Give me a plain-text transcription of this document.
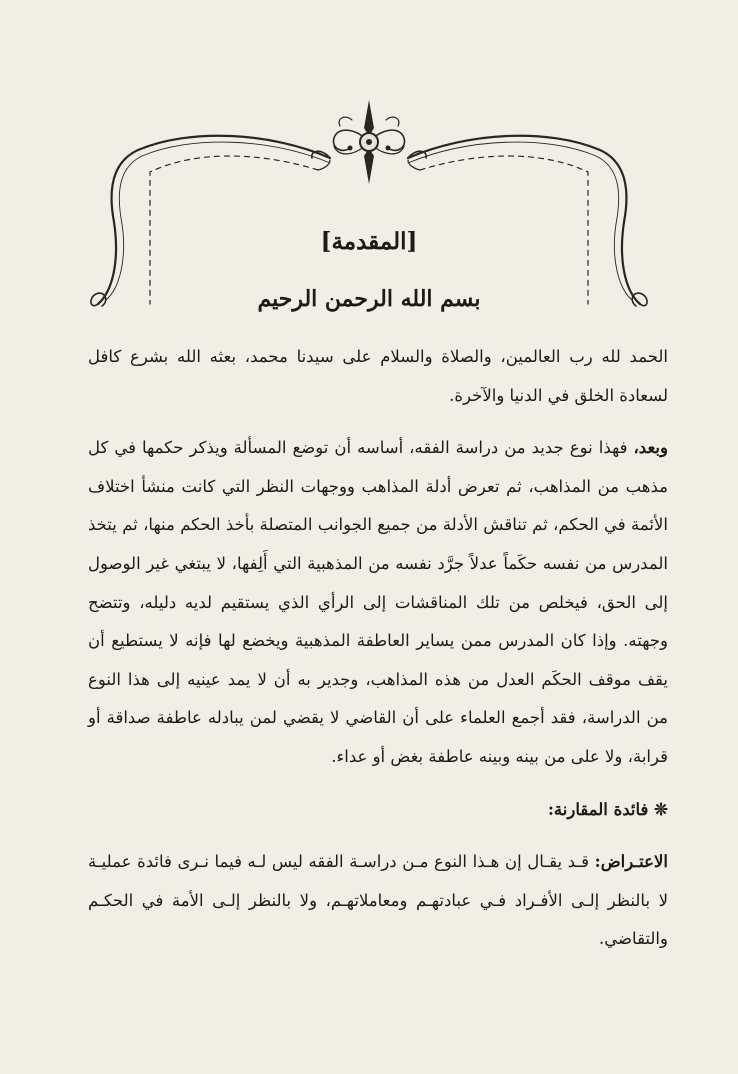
[المقدمة]
بسم الله الرحمن الرحيم

الحمد لله رب العالمين، والصلاة والسلام على سيدنا محمد، بعثه الله بشرع كافل لسعادة الخلق في الدنيا والآخرة.

وبعد، فهذا نوع جديد من دراسة الفقه، أساسه أن توضع المسألة ويذكر حكمها في كل مذهب من المذاهب، ثم تعرض أدلة المذاهب ووجهات النظر التي كانت منشأ اختلاف الأئمة في الحكم، ثم تناقش الأدلة من جميع الجوانب المتصلة بأخذ الحكم منها، ثم يتخذ المدرس من نفسه حكَماً عدلاً جرَّد نفسه من المذهبية التي أَلِفها، لا يبتغي غير الوصول إلى الحق، فيخلص من تلك المناقشات إلى الرأي الذي يستقيم لديه دليله، وتتضح وجهته. وإذا كان المدرس ممن يساير العاطفة المذهبية ويخضع لها فإنه لا يستطيع أن يقف موقف الحكَم العدل من هذه المذاهب، وجدير به أن لا يمد عينيه إلى هذا النوع من الدراسة، فقد أجمع العلماء على أن القاضي لا يقضي لمن يبادله عاطفة صداقة أو قرابة، ولا على من بينه وبينه عاطفة بغض أو عداء.

❊ فائدة المقارنة:

الاعتـراض: قـد يقـال إن هـذا النوع مـن دراسـة الفقه ليس لـه فيما نـرى فائدة عمليـة لا بالنظر إلـى الأفـراد فـي عبادتهـم ومعاملاتهـم، ولا بالنظر إلـى الأمة في الحكـم والتقاضي.
